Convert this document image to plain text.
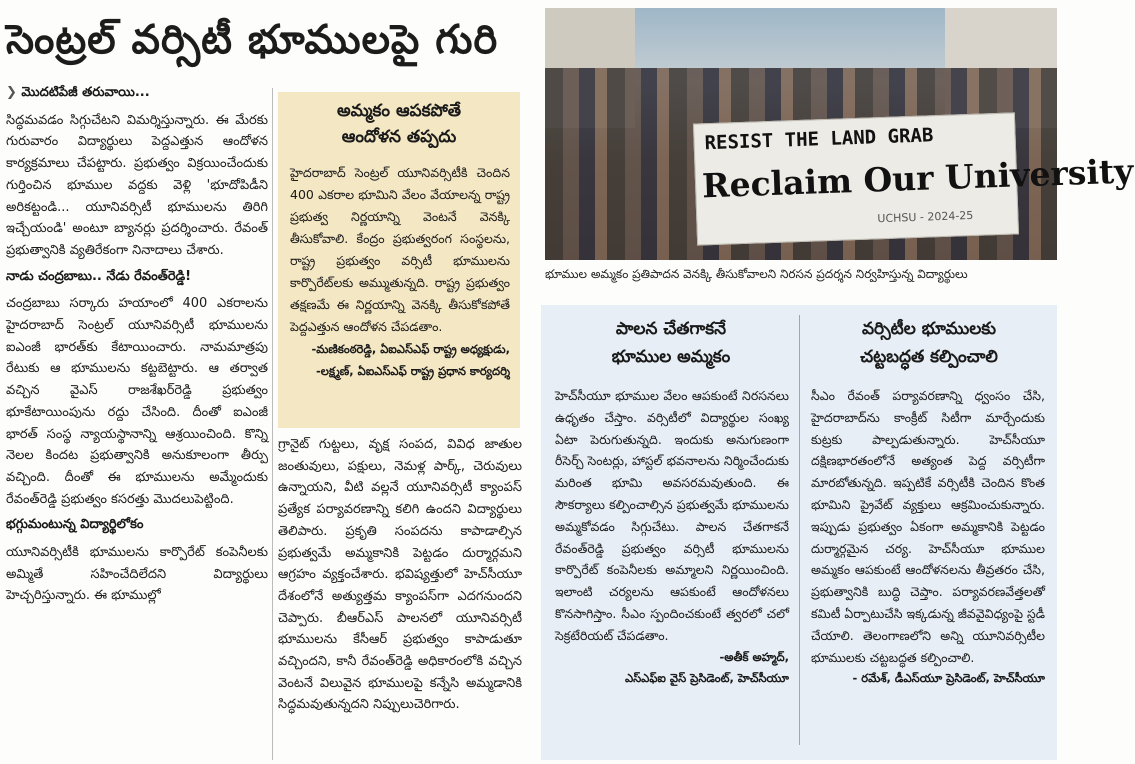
సెంట్రల్ వర్సిటీ భూములపై గురి
RESIST THE LAND GRAB
Reclaim Our University
UCHSU - 2024-25
భూముల అమ్మకం ప్రతిపాదన వెనక్కి తీసుకోవాలని నిరసన ప్రదర్శన నిర్వహిస్తున్న విద్యార్థులు

❯ మొదటిపేజీ తరువాయి...

సిద్ధమవడం సిగ్గుచేటని విమర్శిస్తున్నారు. ఈ మేరకు గురువారం విద్యార్థులు పెద్దఎత్తున ఆందోళన కార్యక్రమాలు చేపట్టారు. ప్రభుత్వం విక్రయించేందుకు గుర్తించిన భూముల వద్దకు వెళ్లి 'భూదోపిడీని అరికట్టండి... యూనివర్సిటీ భూములను తిరిగి ఇచ్చేయండి' అంటూ బ్యానర్లు ప్రదర్శించారు. రేవంత్ ప్రభుత్వానికి వ్యతిరేకంగా నినాదాలు చేశారు.

నాడు చంద్రబాబు.. నేడు రేవంత్‌రెడ్డి!

చంద్రబాబు సర్కారు హయాంలో 400 ఎకరాలను హైదరాబాద్ సెంట్రల్ యూనివర్సిటీ భూములను ఐఎంజీ భారత్‌కు కేటాయించారు. నామమాత్రపు రేటుకు ఆ భూములను కట్టబెట్టారు. ఆ తర్వాత వచ్చిన వైఎస్ రాజశేఖర్‌రెడ్డి ప్రభుత్వం భూకేటాయింపును రద్దు చేసింది. దీంతో ఐఎంజీ భారత్ సంస్థ న్యాయస్థానాన్ని ఆశ్రయించింది. కొన్ని నెలల కిందట ప్రభుత్వానికి అనుకూలంగా తీర్పు వచ్చింది. దీంతో ఈ భూములను అమ్మేందుకు రేవంత్‌రెడ్డి ప్రభుత్వం కసరత్తు మొదలుపెట్టింది.

భగ్గుమంటున్న విద్యార్థిలోకం

యూనివర్సిటీకి భూములను కార్పొరేట్ కంపెనీలకు అమ్మితే సహించేదిలేదని విద్యార్థులు హెచ్చరిస్తున్నారు. ఈ భూముల్లో

అమ్మకం ఆపకపోతే
ఆందోళన తప్పదు

హైదరాబాద్ సెంట్రల్ యూనివర్సిటీకి చెందిన 400 ఎకరాల భూమిని వేలం వేయాలన్న రాష్ట్ర ప్రభుత్వ నిర్ణయాన్ని వెంటనే వెనక్కి తీసుకోవాలి. కేంద్రం ప్రభుత్వరంగ సంస్థలను, రాష్ట్ర ప్రభుత్వం వర్సిటీ భూములను కార్పొరేట్‌లకు అమ్ముతున్నది. రాష్ట్ర ప్రభుత్వం తక్షణమే ఈ నిర్ణయాన్ని వెనక్కి తీసుకోకపోతే పెద్దఎత్తున ఆందోళన చేపడతాం.

-మణికంఠరెడ్డి, ఏఐఎస్ఎఫ్ రాష్ట్ర అధ్యక్షుడు,
-లక్ష్మణ్, ఏఐఎస్ఎఫ్ రాష్ట్ర ప్రధాన కార్యదర్శి

గ్రానైట్ గుట్టలు, వృక్ష సంపద, వివిధ జాతుల జంతువులు, పక్షులు, నెమళ్ల పార్క్, చెరువులు ఉన్నాయని, వీటి వల్లనే యూనివర్సిటీ క్యాంపస్ ప్రత్యేక పర్యావరణాన్ని కలిగి ఉందని విద్యార్థులు తెలిపారు. ప్రకృతి సంపదను కాపాడాల్సిన ప్రభుత్వమే అమ్మకానికి పెట్టడం దుర్మార్గమని ఆగ్రహం వ్యక్తంచేశారు. భవిష్యత్తులో హెచ్‌సీయూ దేశంలోనే అత్యుత్తమ క్యాంపస్‌గా ఎదగనుందని చెప్పారు. బీఆర్ఎస్ పాలనలో యూనివర్సిటీ భూములను కేసీఆర్ ప్రభుత్వం కాపాడుతూ వచ్చిందని, కానీ రేవంత్‌రెడ్డి అధికారంలోకి వచ్చిన వెంటనే విలువైన భూములపై కన్నేసి అమ్మడానికి సిద్ధమవుతున్నదని నిప్పులుచెరిగారు.

పాలన చేతగాకనే
భూముల అమ్మకం
వర్సిటీల భూములకు
చట్టబద్ధత కల్పించాలి

హెచ్‌సీయూ భూముల వేలం ఆపకుంటే నిరసనలు ఉధృతం చేస్తాం. వర్సిటీలో విద్యార్థుల సంఖ్య ఏటా పెరుగుతున్నది. ఇందుకు అనుగుణంగా రీసెర్చ్ సెంటర్లు, హాస్టల్ భవనాలను నిర్మించేందుకు మరింత భూమి అవసరమవుతుంది. ఈ సౌకర్యాలు కల్పించాల్సిన ప్రభుత్వమే భూములను అమ్మకోవడం సిగ్గుచేటు. పాలన చేతగాకనే రేవంత్‌రెడ్డి ప్రభుత్వం వర్సిటీ భూములను కార్పొరేట్ కంపెనీలకు అమ్మాలని నిర్ణయించింది. ఇలాంటి చర్యలను ఆపకుంటే ఆందోళనలు కొనసాగిస్తాం. సీఎం స్పందించకుంటే త్వరలో చలో సెక్రటేరియట్ చేపడతాం.

-అతీక్ అహ్మద్,
ఎస్ఎఫ్ఐ వైస్ ప్రెసిడెంట్, హెచ్‌సీయూ

సీఎం రేవంత్ పర్యావరణాన్ని ధ్వంసం చేసి, హైదరాబాద్‌ను కాంక్రీట్ సిటీగా మార్చేందుకు కుట్రకు పాల్పడుతున్నారు. హెచ్‌సీయూ దక్షిణభారతంలోనే అత్యంత పెద్ద వర్సిటీగా మారబోతున్నది. ఇప్పటికే వర్సిటీకి చెందిన కొంత భూమిని ప్రైవేట్ వ్యక్తులు ఆక్రమించుకున్నారు. ఇప్పుడు ప్రభుత్వం ఏకంగా అమ్మకానికి పెట్టడం దుర్మార్గమైన చర్య. హెచ్‌సీయూ భూముల అమ్మకం ఆపకుంటే ఆందోళనలను తీవ్రతరం చేసి, ప్రభుత్వానికి బుద్ధి చెప్తాం. పర్యావరణవేత్తలతో కమిటీ ఏర్పాటుచేసి ఇక్కడున్న జీవవైవిధ్యంపై స్టడీ చేయాలి. తెలంగాణలోని అన్ని యూనివర్సిటీల భూములకు చట్టబద్ధత కల్పించాలి.

- రమేశ్, డీఎస్‌యూ ప్రెసిడెంట్, హెచ్‌సీయూ
